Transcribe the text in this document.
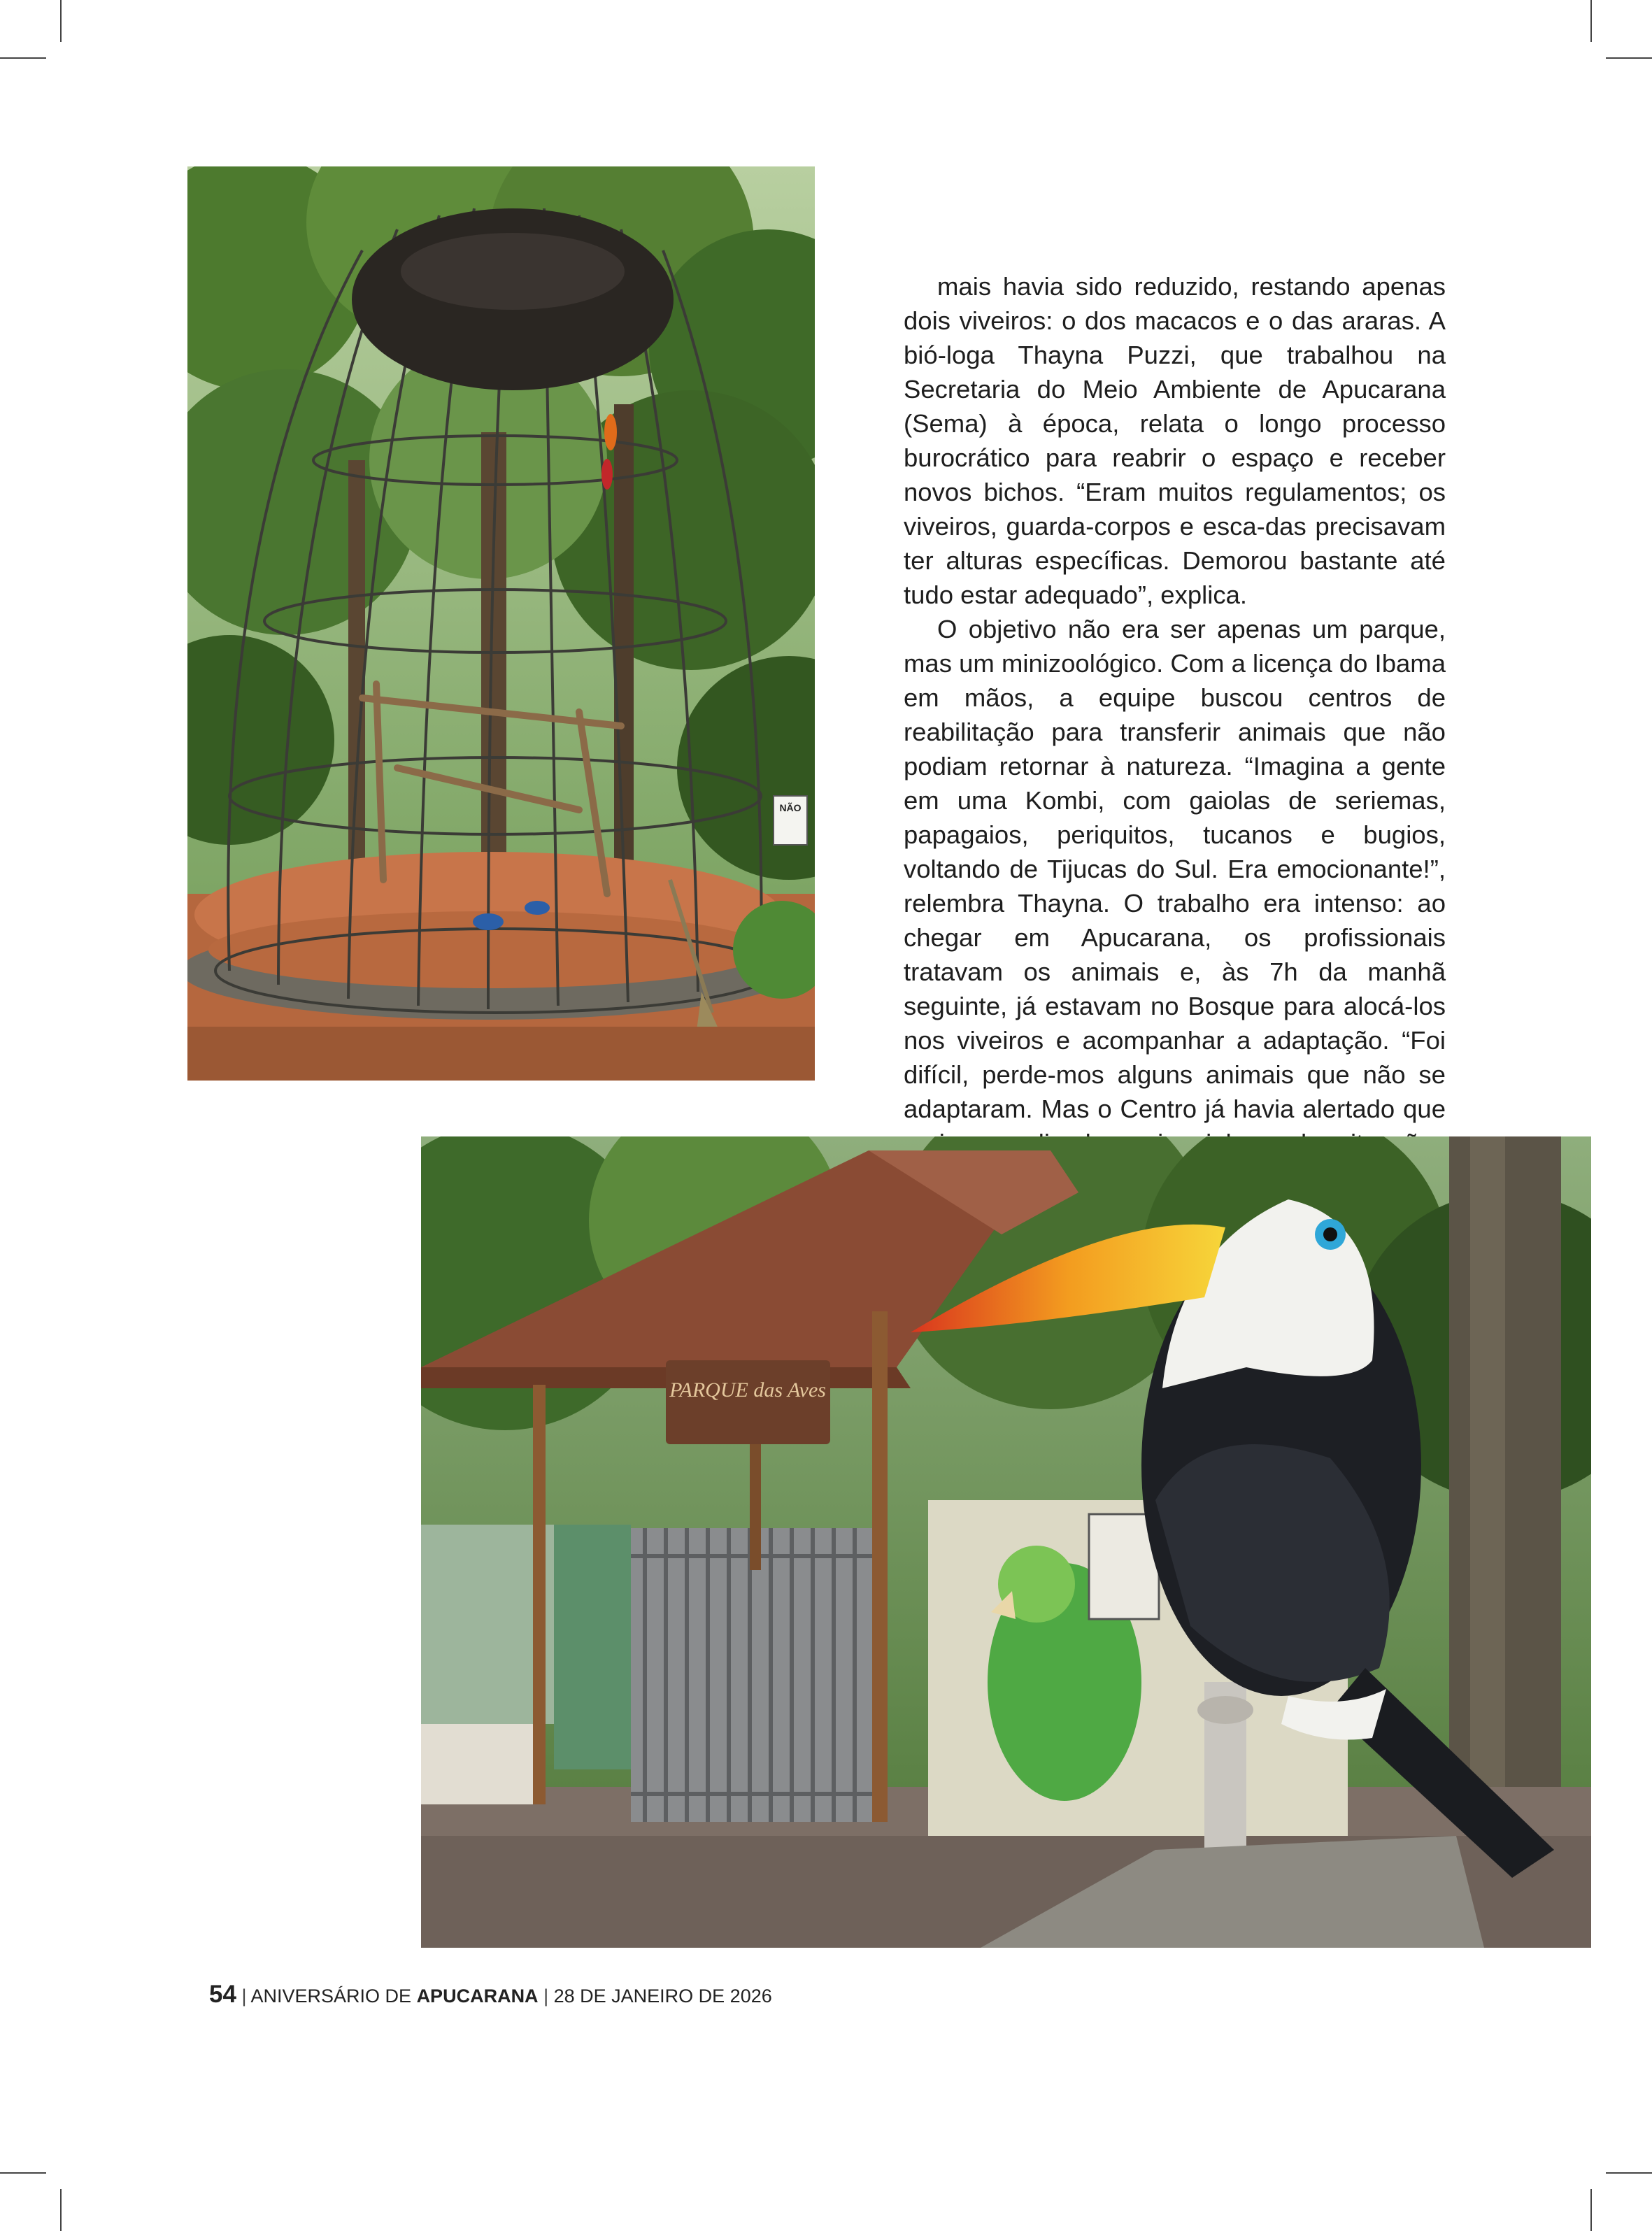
NÃO

mais havia sido reduzido, restando apenas dois viveiros: o dos macacos e o das araras. A bió-loga Thayna Puzzi, que trabalhou na Secretaria do Meio Ambiente de Apucarana (Sema) à época, relata o longo processo burocrático para reabrir o espaço e receber novos bichos. “Eram muitos regulamentos; os viveiros, guarda-corpos e esca-das precisavam ter alturas específicas. Demorou bastante até tudo estar adequado”, explica.

O objetivo não era ser apenas um parque, mas um minizoológico. Com a licença do Ibama em mãos, a equipe buscou centros de reabilitação para transferir animais que não podiam retornar à natureza. “Imagina a gente em uma Kombi, com gaiolas de seriemas, papagaios, periquitos, tucanos e bugios, voltando de Tijucas do Sul. Era emocionante!”, relembra Thayna. O trabalho era intenso: ao chegar em Apucarana, os profissionais tratavam os animais e, às 7h da manhã seguinte, já estavam no Bosque para alocá-los nos viveiros e acompanhar a adaptação. “Foi difícil, perde-mos alguns animais que não se adaptaram. Mas o Centro já havia alertado que

PARQUE das Aves
54 | ANIVERSÁRIO DE APUCARANA | 28 DE JANEIRO DE 2026
